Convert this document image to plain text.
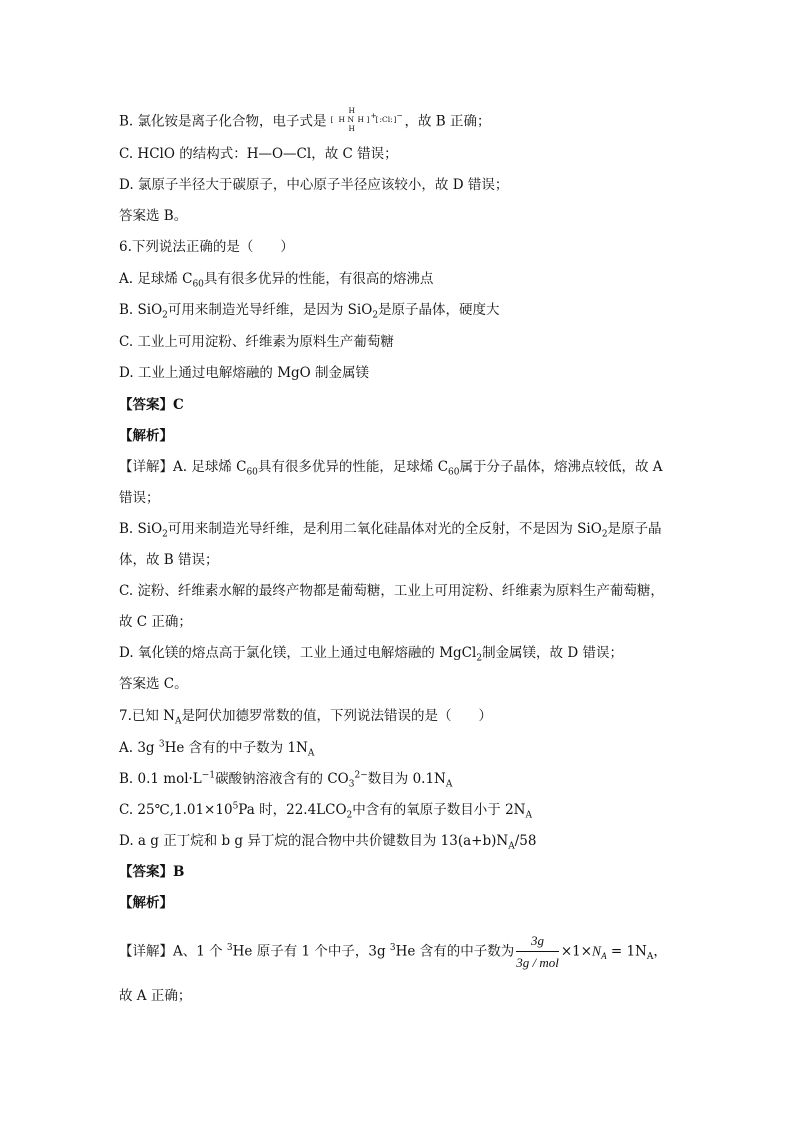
B. 氯化铵是离子化合物，电子式是 [
H
H N H
H
] +
[ :Cl: ] − ，故 B 正确；
C. HClO 的结构式：H—O—Cl，故 C 错误；
D. 氯原子半径大于碳原子，中心原子半径应该较小，故 D 错误；
答案选 B。
6.下列说法正确的是（　　）
A. 足球烯 $C_{60}$具有很多优异的性能，有很高的熔沸点
B. SiO$_2$可用来制造光导纤维，是因为 SiO$_2$是原子晶体，硬度大
C. 工业上可用淀粉、纤维素为原料生产葡萄糖
D. 工业上通过电解熔融的 MgO 制金属镁
【答案】C
【解析】
【详解】A. 足球烯 $C_{60}$具有很多优异的性能，足球烯 $C_{60}$属于分子晶体，熔沸点较低，故 A
错误；
B. SiO$_2$可用来制造光导纤维，是利用二氧化硅晶体对光的全反射，不是因为 SiO$_2$是原子晶
体，故 B 错误；
C. 淀粉、纤维素水解的最终产物都是葡萄糖，工业上可用淀粉、纤维素为原料生产葡萄糖，
故 C 正确；
D. 氧化镁的熔点高于氯化镁，工业上通过电解熔融的 MgCl$_2$制金属镁，故 D 错误；
答案选 C。
7.已知 $N_A$是阿伏加德罗常数的值，下列说法错误的是（　　）
A. 3g $^3$He 含有的中子数为 $1N_A$
B. 0.1 $mol\cdot L^{-1}$碳酸钠溶液含有的 $CO_3^{2-}$数目为 $0.1N_A$
C. $25℃,1.01\times 10^5Pa$ 时，$22.4LCO_2$中含有的氧原子数目小于 $2N_A$
D. a g 正丁烷和 b g 异丁烷的混合物中共价键数目为 $13(a+b)N_A/58$
【答案】B
【解析】
【详解】A、1 个 $^3$He 原子有 1 个中子，3g $^3$He 含有的中子数为 $\frac{3g}{\text{3g / mol}} \times 1\times N_A = 1N_A$，
故 A 正确；
